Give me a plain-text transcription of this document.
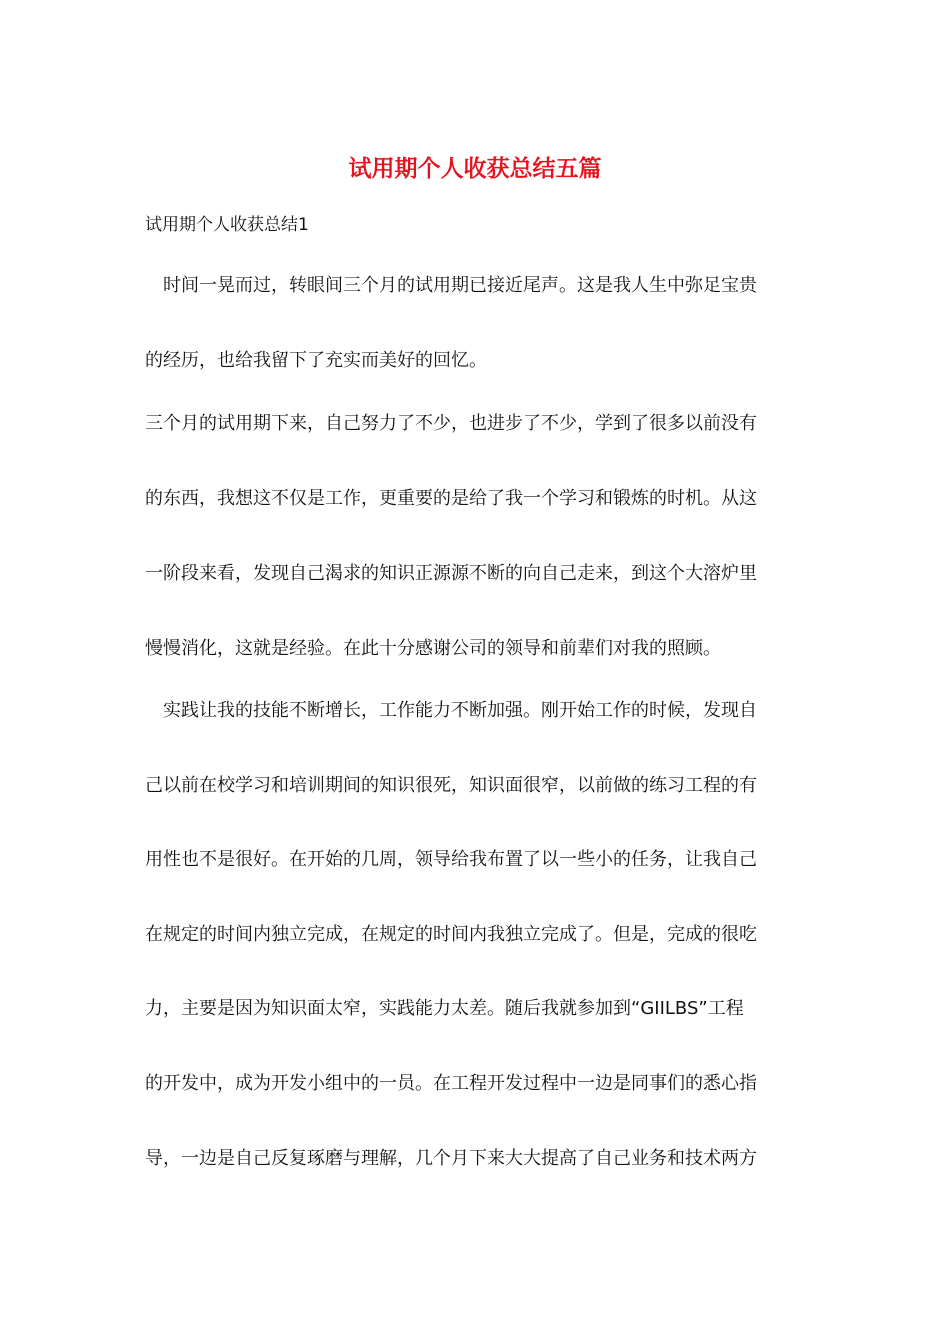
试用期个人收获总结五篇
试用期个人收获总结1
时间一晃而过，转眼间三个月的试用期已接近尾声。这是我人生中弥足宝贵
的经历，也给我留下了充实而美好的回忆。
三个月的试用期下来，自己努力了不少，也进步了不少，学到了很多以前没有
的东西，我想这不仅是工作，更重要的是给了我一个学习和锻炼的时机。从这
一阶段来看，发现自己渴求的知识正源源不断的向自己走来，到这个大溶炉里
慢慢消化，这就是经验。在此十分感谢公司的领导和前辈们对我的照顾。
实践让我的技能不断增长，工作能力不断加强。刚开始工作的时候，发现自
己以前在校学习和培训期间的知识很死，知识面很窄，以前做的练习工程的有
用性也不是很好。在开始的几周，领导给我布置了以一些小的任务，让我自己
在规定的时间内独立完成，在规定的时间内我独立完成了。但是，完成的很吃
力，主要是因为知识面太窄，实践能力太差。随后我就参加到“GIILBS”工程
的开发中，成为开发小组中的一员。在工程开发过程中一边是同事们的悉心指
导，一边是自己反复琢磨与理解，几个月下来大大提高了自己业务和技术两方
